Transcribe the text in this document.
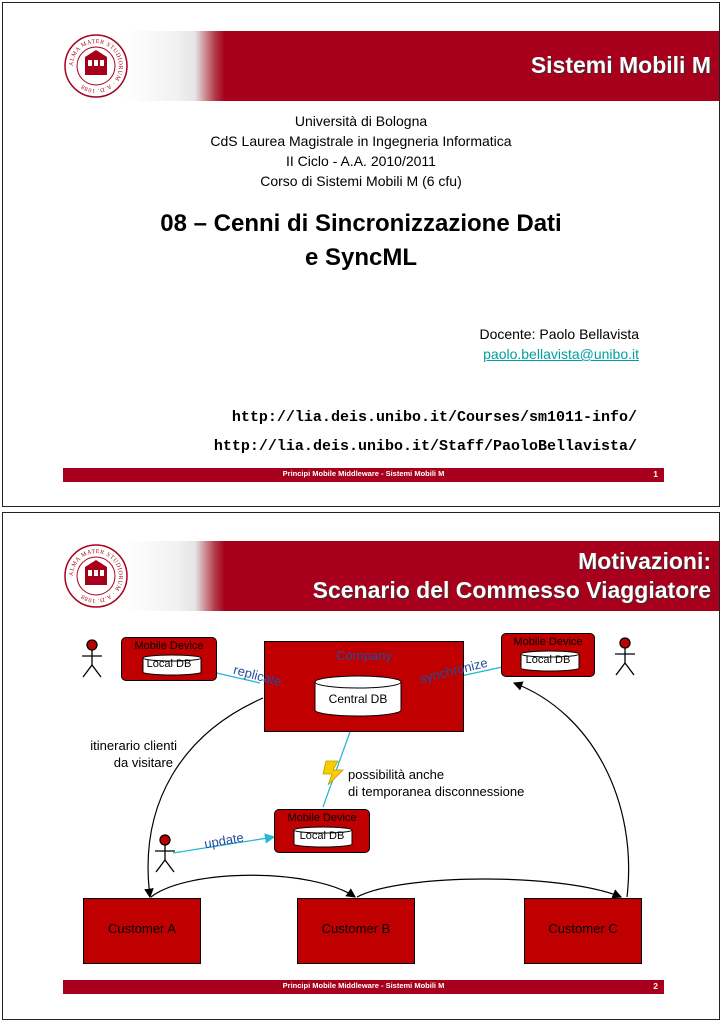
Sistemi Mobili M
ALMA MATER STUDIORUM · A.D. 1088
Università di Bologna
CdS Laurea Magistrale in Ingegneria Informatica
II Ciclo - A.A. 2010/2011
Corso di Sistemi Mobili M (6 cfu)
08 – Cenni di Sincronizzazione Dati
e SyncML
Docente: Paolo Bellavista
paolo.bellavista@unibo.it
http://lia.deis.unibo.it/Courses/sm1011-info/
http://lia.deis.unibo.it/Staff/PaoloBellavista/
Principi Mobile Middleware - Sistemi Mobili M	1
Motivazioni:
Scenario del Commesso Viaggiatore
ALMA MATER STUDIORUM · A.D. 1088
Company
Central DB
Mobile Device
Local DB
Mobile Device
Local DB
Mobile Device
Local DB
replicate	synchronize
update
itinerario clienti
da visitare
possibilità anche
di temporanea disconnessione
Customer A	Customer B	Customer C
Principi Mobile Middleware - Sistemi Mobili M	2
